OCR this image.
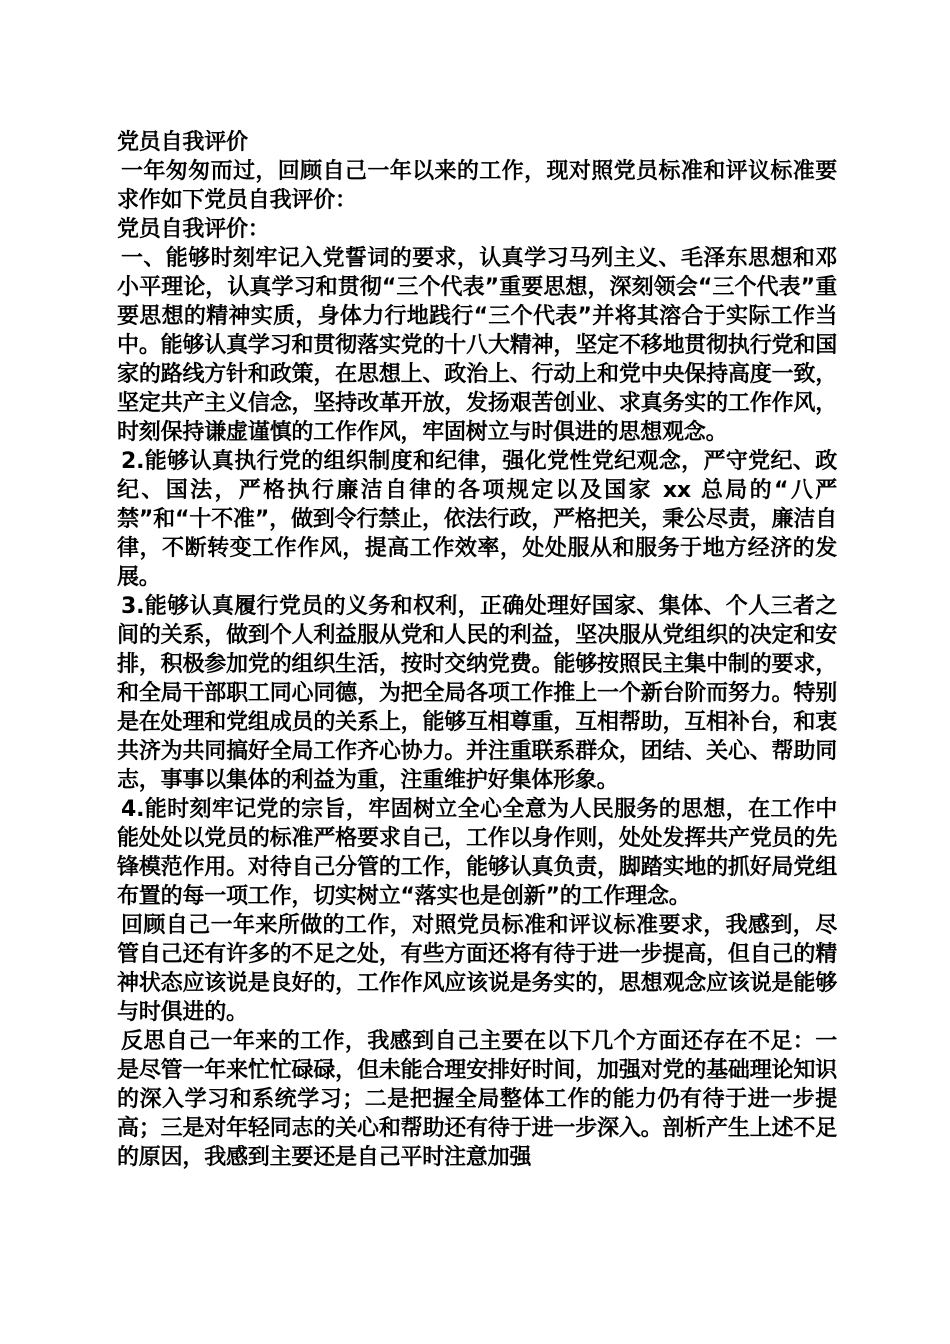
党员自我评价

一年匆匆而过，回顾自己一年以来的工作，现对照党员标准和评议标准要求作如下党员自我评价：

党员自我评价：

一、能够时刻牢记入党誓词的要求，认真学习马列主义、毛泽东思想和邓小平理论，认真学习和贯彻“三个代表”重要思想，深刻领会“三个代表”重要思想的精神实质，身体力行地践行“三个代表”并将其溶合于实际工作当中。能够认真学习和贯彻落实党的十八大精神，坚定不移地贯彻执行党和国家的路线方针和政策，在思想上、政治上、行动上和党中央保持高度一致，坚定共产主义信念，坚持改革开放，发扬艰苦创业、求真务实的工作作风，时刻保持谦虚谨慎的工作作风，牢固树立与时俱进的思想观念。

2.能够认真执行党的组织制度和纪律，强化党性党纪观念，严守党纪、政纪、国法，严格执行廉洁自律的各项规定以及国家 xx 总局的“八严禁”和“十不准”，做到令行禁止，依法行政，严格把关，秉公尽责，廉洁自律，不断转变工作作风，提高工作效率，处处服从和服务于地方经济的发展。

3.能够认真履行党员的义务和权利，正确处理好国家、集体、个人三者之间的关系，做到个人利益服从党和人民的利益，坚决服从党组织的决定和安排，积极参加党的组织生活，按时交纳党费。能够按照民主集中制的要求，和全局干部职工同心同德，为把全局各项工作推上一个新台阶而努力。特别是在处理和党组成员的关系上，能够互相尊重，互相帮助，互相补台，和衷共济为共同搞好全局工作齐心协力。并注重联系群众，团结、关心、帮助同志，事事以集体的利益为重，注重维护好集体形象。

4.能时刻牢记党的宗旨，牢固树立全心全意为人民服务的思想，在工作中能处处以党员的标准严格要求自己，工作以身作则，处处发挥共产党员的先锋模范作用。对待自己分管的工作，能够认真负责，脚踏实地的抓好局党组布置的每一项工作，切实树立“落实也是创新”的工作理念。

回顾自己一年来所做的工作，对照党员标准和评议标准要求，我感到，尽管自己还有许多的不足之处，有些方面还将有待于进一步提高，但自己的精神状态应该说是良好的，工作作风应该说是务实的，思想观念应该说是能够与时俱进的。

反思自己一年来的工作，我感到自己主要在以下几个方面还存在不足：一是尽管一年来忙忙碌碌，但未能合理安排好时间，加强对党的基础理论知识的深入学习和系统学习；二是把握全局整体工作的能力仍有待于进一步提高；三是对年轻同志的关心和帮助还有待于进一步深入。剖析产生上述不足的原因，我感到主要还是自己平时注意加强
